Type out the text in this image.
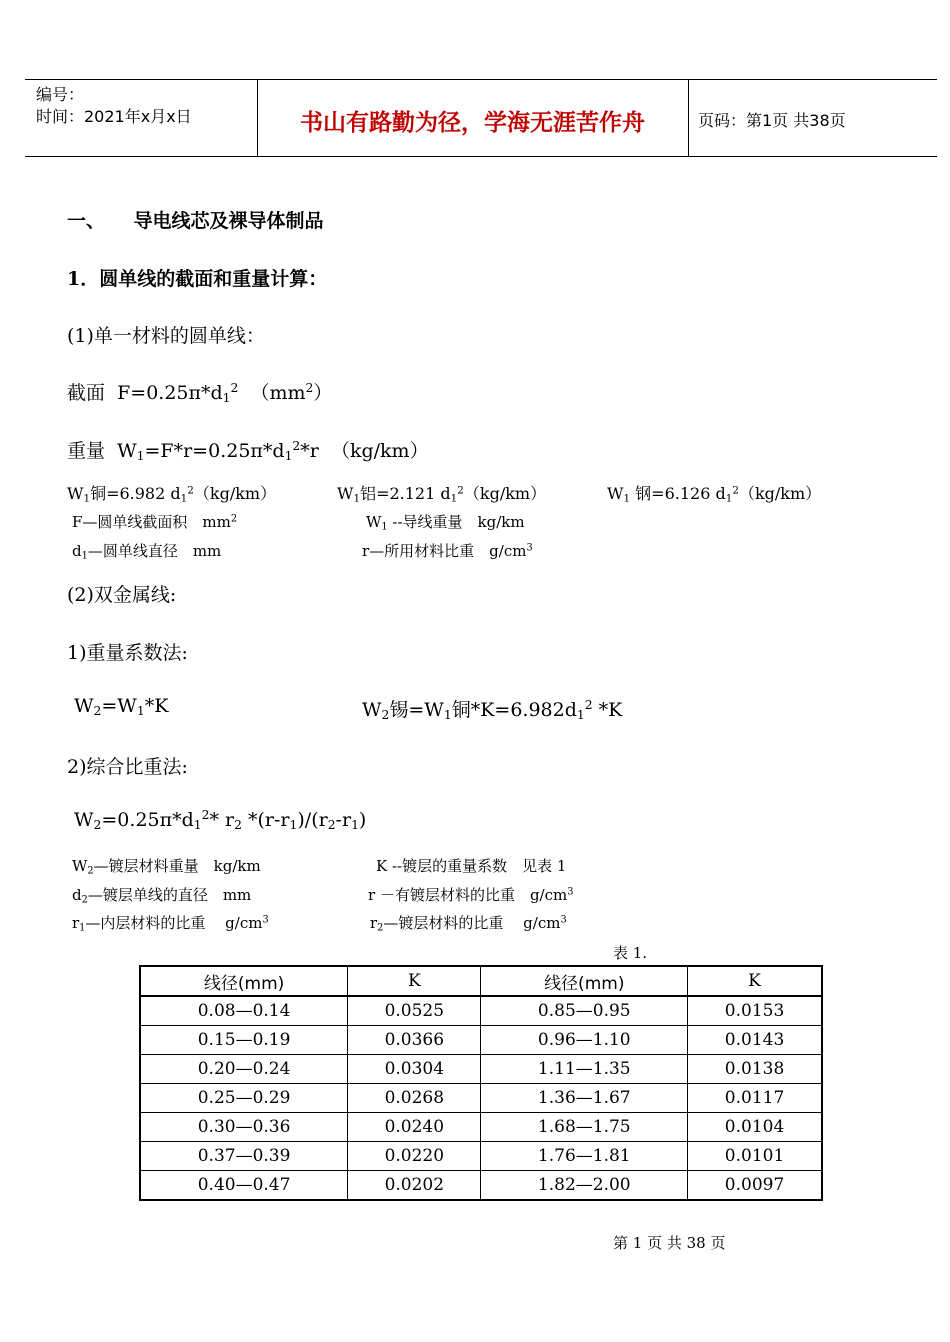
编号：
时间：2021年x月x日	书山有路勤为径，学海无涯苦作舟	页码：第1页 共38页
一、　　导电线芯及裸导体制品
1．圆单线的截面和重量计算：
(1)单一材料的圆单线：
截面 $F=0.25\pi*d_1^2$ $(mm^2)$
重量 $W_1=F*r=0.25\pi*d_1^2*r$ （kg/km）
$W_1$铜=6.982 $d_1^2(kg/km)$	$W_1$铝=2.121 $d_1^2(kg/km)$	$W_1$ 钢=6.126 $d_1^2(kg/km)$
F—圆单线截面积　$mm^2$	$W_1$ --导线重量　kg/km
$d_1—$圆单线直径　mm	r—所用材料比重　$g/cm^3$
(2)双金属线:
1)重量系数法:
$W_2=W_1*K$	$W_2$锡$=W_1$铜$*K=6.982d_1^2$ *K
2)综合比重法:
$W_2=0.25\pi*d_1^2*$ $r_2$ $*(r-r_1)/(r_2-r_1)$
$W_2—$镀层材料重量　kg/km	K --镀层的重量系数　见表 1
$d_2—$镀层单线的直径　mm	r －有镀层材料的比重　$g/cm^3$
$r_1—$内层材料的比重　 $g/cm^3$	$r_2—$镀层材料的比重　 $g/cm^3$
表 1.
线径(mm)	K	线径(mm)	K
0.08—0.14	0.0525	0.85—0.95	0.0153
0.15—0.19	0.0366	0.96—1.10	0.0143
0.20—0.24	0.0304	1.11—1.35	0.0138
0.25—0.29	0.0268	1.36—1.67	0.0117
0.30—0.36	0.0240	1.68—1.75	0.0104
0.37—0.39	0.0220	1.76—1.81	0.0101
0.40—0.47	0.0202	1.82—2.00	0.0097
第 1 页 共 38 页
